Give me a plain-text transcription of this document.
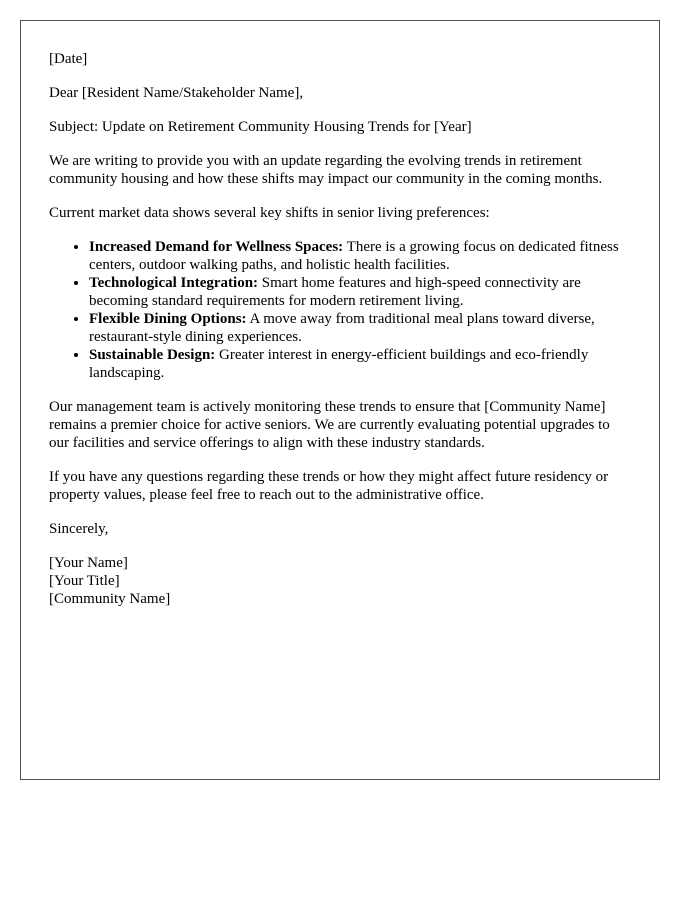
[Date]

Dear [Resident Name/Stakeholder Name],

Subject: Update on Retirement Community Housing Trends for [Year]

We are writing to provide you with an update regarding the evolving trends in retirement community housing and how these shifts may impact our community in the coming months.

Current market data shows several key shifts in senior living preferences:

• Increased Demand for Wellness Spaces: There is a growing focus on dedicated fitness centers, outdoor walking paths, and holistic health facilities.
• Technological Integration: Smart home features and high-speed connectivity are becoming standard requirements for modern retirement living.
• Flexible Dining Options: A move away from traditional meal plans toward diverse, restaurant-style dining experiences.
• Sustainable Design: Greater interest in energy-efficient buildings and eco-friendly landscaping.

Our management team is actively monitoring these trends to ensure that [Community Name] remains a premier choice for active seniors. We are currently evaluating potential upgrades to our facilities and service offerings to align with these industry standards.

If you have any questions regarding these trends or how they might affect future residency or property values, please feel free to reach out to the administrative office.

Sincerely,

[Your Name]
[Your Title]
[Community Name]
